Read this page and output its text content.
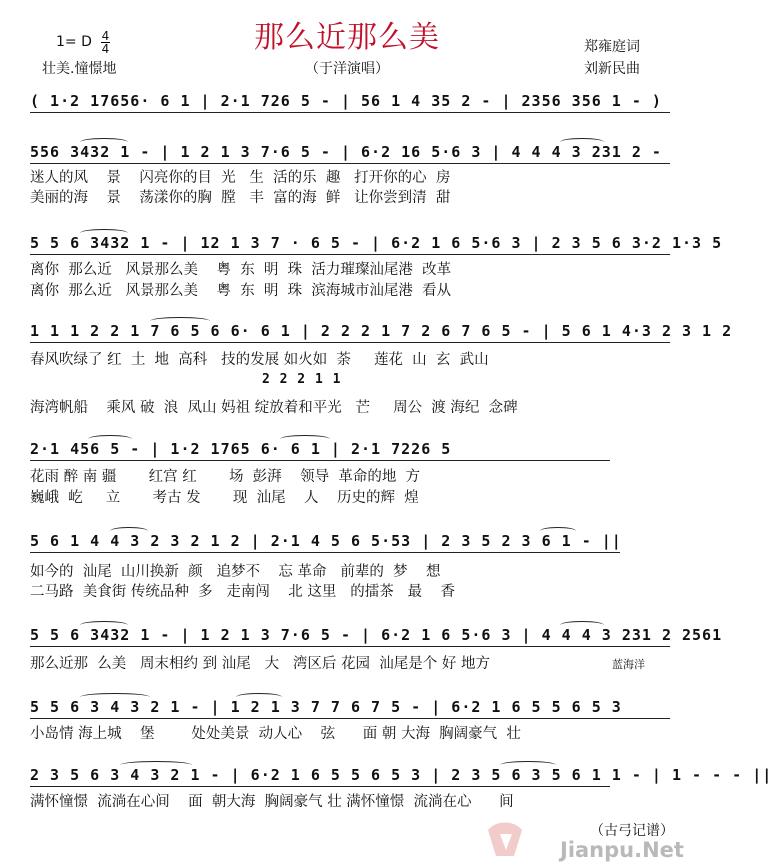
那么近那么美
（于洋演唱）
1= D 4
4
壮美.憧憬地
郑雍庭词
刘新民曲
( 1·2 17656· 6 1 | 2·1 726 5 - | 56 1 4 35 2 - | 2356 356 1 - )
556 3432 1 - | 1 2 1 3 7·6 5 - | 6·2 16 5·6 3 | 4 4 4 3 231 2 -
迷人的风    景    闪亮你的目  光   生  活的乐  趣   打开你的心  房
美丽的海    景    荡漾你的胸  膛   丰  富的海  鲜   让你尝到清  甜
5 5 6 3432 1 - | 12 1 3 7 · 6 5 - | 6·2 1 6 5·6 3 | 2 3 5 6 3·2 1·3 5
离你  那么近   风景那么美    粤  东  明  珠  活力璀璨汕尾港  改革
离你  那么近   风景那么美    粤  东  明  珠  滨海城市汕尾港  看从
1 1 1 2 2 1 7 6 5 6 6· 6 1 | 2 2 2 1 7 2 6 7 6 5 - | 5 6 1 4·3 2 3 1 2
春风吹绿了 红  土  地  高科   技的发展 如火如  荼     莲花  山  玄  武山
2 2 2 1 1
海湾帆船    乘风 破  浪  凤山 妈祖 绽放着和平光   芒     周公  渡 海纪  念碑
2·1 456 5 - | 1·2 1765 6· 6 1 | 2·1 7226 5
花雨 醉 南 疆       红宫 红       场  彭湃    领导  革命的地  方
巍峨  屹     立       考古 发       现  汕尾    人    历史的辉  煌
5 6 1 4 4 3 2 3 2 1 2 | 2·1 4 5 6 5·53 | 2 3 5 2 3 6 1 - ||
如今的  汕尾  山川换新  颜   追梦不    忘 革命   前辈的  梦    想
二马路  美食街 传统品种  多   走南闯    北 这里   的擂茶   最    香
5 5 6 3432 1 - | 1 2 1 3 7·6 5 - | 6·2 1 6 5·6 3 | 4 4 4 3 231 2 2561
那么近那  么美   周末相约 到 汕尾   大   湾区后 花园  汕尾是个 好 地方	蓝海洋
5 5 6 3 4 3 2 1 - | 1 2 1 3 7 7 6 7 5 - | 6·2 1 6 5 5 6 5 3
小岛情 海上城    堡        处处美景  动人心    弦      面 朝 大海  胸阔豪气  壮
2 3 5 6 3 4 3 2 1 - | 6·2 1 6 5 5 6 5 3 | 2 3 5 6 3 5 6 1 1 - | 1 - - - ||
满怀憧憬  流淌在心间    面  朝大海  胸阔豪气 壮 满怀憧憬  流淌在心      间
（古弓记谱）
Jianpu.Net
